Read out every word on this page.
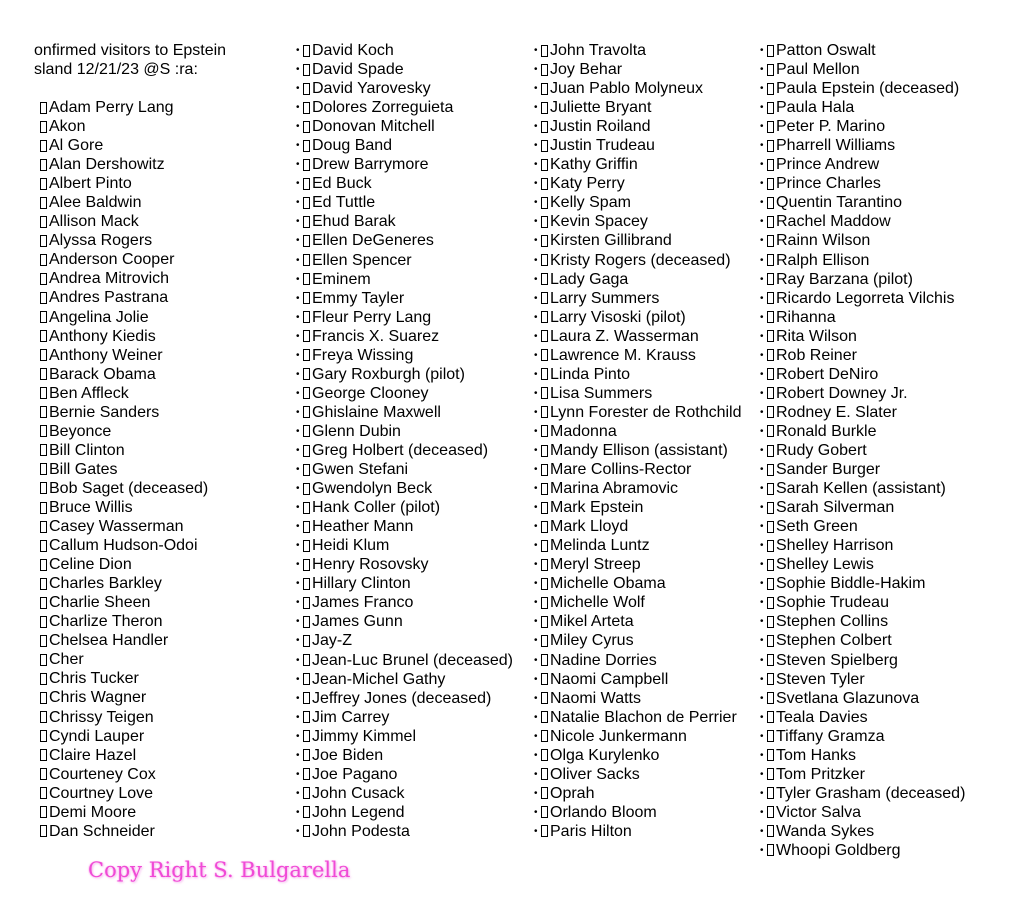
onfirmed visitors to Epstein
sland 12/21/23 @S :ra:
Adam Perry Lang
Akon
Al Gore
Alan Dershowitz
Albert Pinto
Alee Baldwin
Allison Mack
Alyssa Rogers
Anderson Cooper
Andrea Mitrovich
Andres Pastrana
Angelina Jolie
Anthony Kiedis
Anthony Weiner
Barack Obama
Ben Affleck
Bernie Sanders
Beyonce
Bill Clinton
Bill Gates
Bob Saget (deceased)
Bruce Willis
Casey Wasserman
Callum Hudson-Odoi
Celine Dion
Charles Barkley
Charlie Sheen
Charlize Theron
Chelsea Handler
Cher
Chris Tucker
Chris Wagner
Chrissy Teigen
Cyndi Lauper
Claire Hazel
Courteney Cox
Courtney Love
Demi Moore
Dan Schneider
• David Koch
• David Spade
• David Yarovesky
• Dolores Zorreguieta
• Donovan Mitchell
• Doug Band
• Drew Barrymore
• Ed Buck
• Ed Tuttle
• Ehud Barak
• Ellen DeGeneres
• Ellen Spencer
• Eminem
• Emmy Tayler
• Fleur Perry Lang
• Francis X. Suarez
• Freya Wissing
• Gary Roxburgh (pilot)
• George Clooney
• Ghislaine Maxwell
• Glenn Dubin
• Greg Holbert (deceased)
• Gwen Stefani
• Gwendolyn Beck
• Hank Coller (pilot)
• Heather Mann
• Heidi Klum
• Henry Rosovsky
• Hillary Clinton
• James Franco
• James Gunn
• Jay-Z
• Jean-Luc Brunel (deceased)
• Jean-Michel Gathy
• Jeffrey Jones (deceased)
• Jim Carrey
• Jimmy Kimmel
• Joe Biden
• Joe Pagano
• John Cusack
• John Legend
• John Podesta
• John Travolta
• Joy Behar
• Juan Pablo Molyneux
• Juliette Bryant
• Justin Roiland
• Justin Trudeau
• Kathy Griffin
• Katy Perry
• Kelly Spam
• Kevin Spacey
• Kirsten Gillibrand
• Kristy Rogers (deceased)
• Lady Gaga
• Larry Summers
• Larry Visoski (pilot)
• Laura Z. Wasserman
• Lawrence M. Krauss
• Linda Pinto
• Lisa Summers
• Lynn Forester de Rothchild
• Madonna
• Mandy Ellison (assistant)
• Mare Collins-Rector
• Marina Abramovic
• Mark Epstein
• Mark Lloyd
• Melinda Luntz
• Meryl Streep
• Michelle Obama
• Michelle Wolf
• Mikel Arteta
• Miley Cyrus
• Nadine Dorries
• Naomi Campbell
• Naomi Watts
• Natalie Blachon de Perrier
• Nicole Junkermann
• Olga Kurylenko
• Oliver Sacks
• Oprah
• Orlando Bloom
• Paris Hilton
• Patton Oswalt
• Paul Mellon
• Paula Epstein (deceased)
• Paula Hala
• Peter P. Marino
• Pharrell Williams
• Prince Andrew
• Prince Charles
• Quentin Tarantino
• Rachel Maddow
• Rainn Wilson
• Ralph Ellison
• Ray Barzana (pilot)
• Ricardo Legorreta Vilchis
• Rihanna
• Rita Wilson
• Rob Reiner
• Robert DeNiro
• Robert Downey Jr.
• Rodney E. Slater
• Ronald Burkle
• Rudy Gobert
• Sander Burger
• Sarah Kellen (assistant)
• Sarah Silverman
• Seth Green
• Shelley Harrison
• Shelley Lewis
• Sophie Biddle-Hakim
• Sophie Trudeau
• Stephen Collins
• Stephen Colbert
• Steven Spielberg
• Steven Tyler
• Svetlana Glazunova
• Teala Davies
• Tiffany Gramza
• Tom Hanks
• Tom Pritzker
• Tyler Grasham (deceased)
• Victor Salva
• Wanda Sykes
• Whoopi Goldberg
Copy Right S. Bulgarella
